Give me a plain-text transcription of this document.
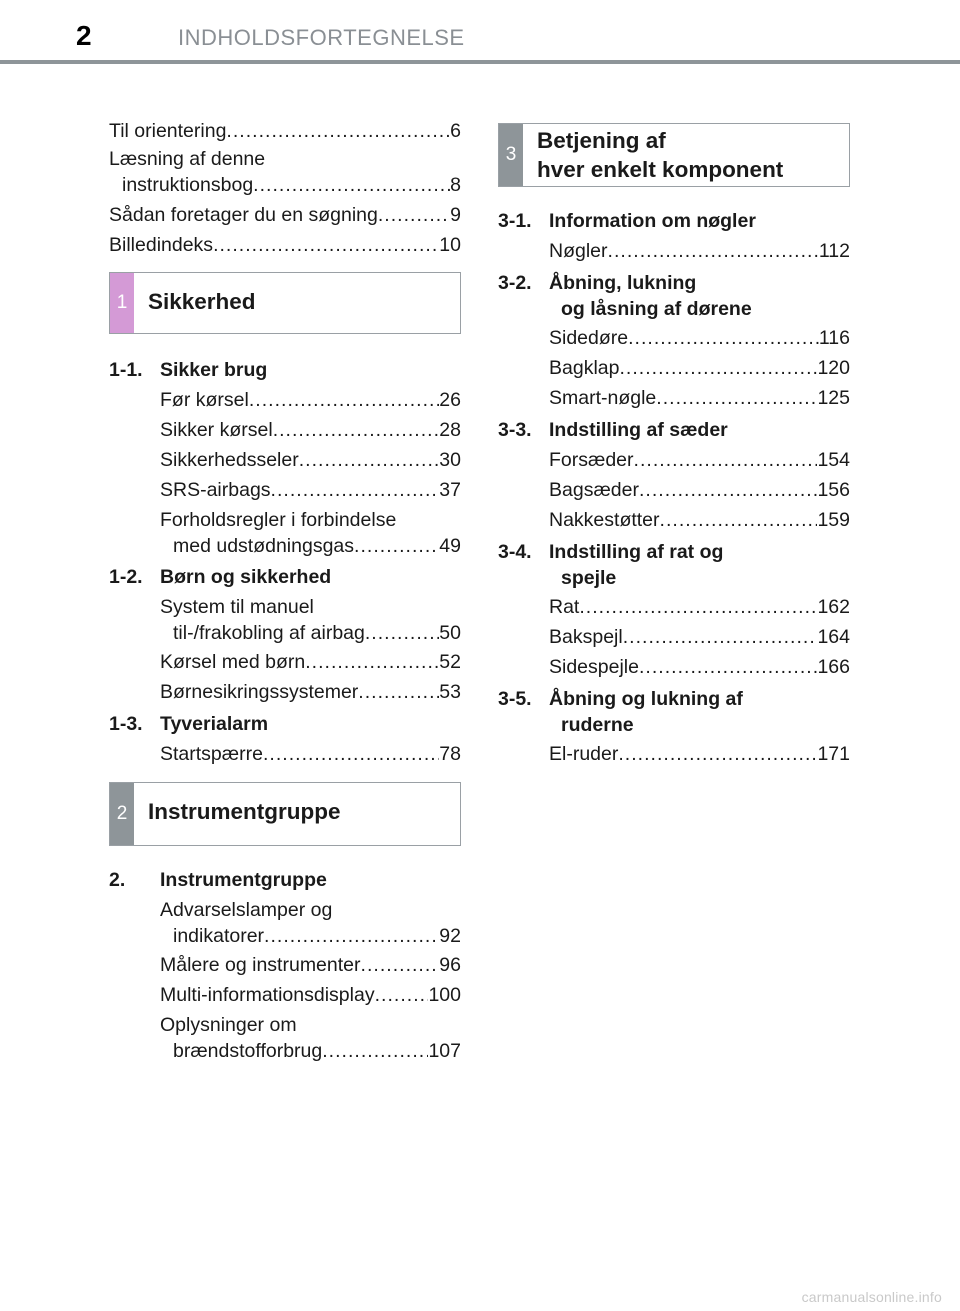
2	INDHOLDSFORTEGNELSE
Til orientering . . .	6
Læsning af denne
instruktionsbog . . .	8
Sådan foretager du en søgning . . .	9
Billedindeks . . .	10
1 Sikkerhed
1-1. Sikker brug
Før kørsel . . .	26
Sikker kørsel . . .	28
Sikkerhedsseler . . .	30
SRS-airbags . . .	37
Forholdsregler i forbindelse
med udstødningsgas . . .	49
1-2. Børn og sikkerhed
System til manuel
til-/frakobling af airbag . . .	50
Kørsel med børn . . .	52
Børnesikringssystemer . . .	53
1-3. Tyverialarm
Startspærre . . .	78
2 Instrumentgruppe
2. Instrumentgruppe
Advarselslamper og
indikatorer . . .	92
Målere og instrumenter . . .	96
Multi-informationsdisplay . . .	100
Oplysninger om
brændstofforbrug . . .	107
3
Betjening af
hver enkelt komponent
3-1. Information om nøgler
Nøgler . . .	112
3-2. Åbning, lukning
og låsning af dørene
Sidedøre . . .	116
Bagklap . . .	120
Smart-nøgle . . .	125
3-3. Indstilling af sæder
Forsæder . . .	154
Bagsæder . . .	156
Nakkestøtter . . .	159
3-4. Indstilling af rat og
spejle
Rat . . .	162
Bakspejl . . .	164
Sidespejle . . .	166
3-5. Åbning og lukning af
ruderne
El-ruder . . .	171
carmanualsonline.info
